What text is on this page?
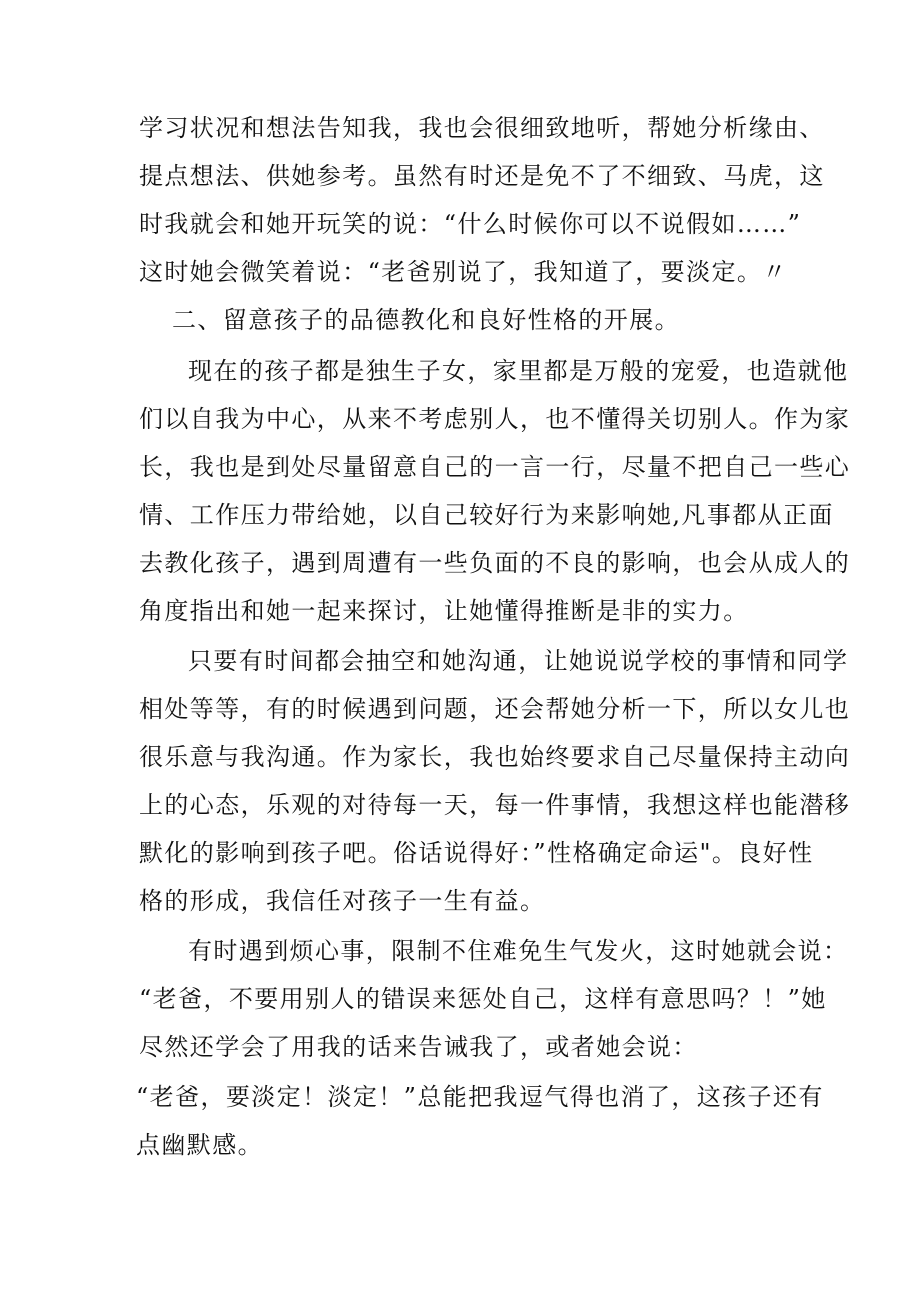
学习状况和想法告知我，我也会很细致地听，帮她分析缘由、
提点想法、供她参考。虽然有时还是免不了不细致、马虎，这
时我就会和她开玩笑的说：“什么时候你可以不说假如……”
这时她会微笑着说：“老爸别说了，我知道了，要淡定。〃
二、留意孩子的品德教化和良好性格的开展。
现在的孩子都是独生子女，家里都是万般的宠爱，也造就他
们以自我为中心，从来不考虑别人，也不懂得关切别人。作为家
长，我也是到处尽量留意自己的一言一行，尽量不把自己一些心
情、工作压力带给她，以自己较好行为来影响她,凡事都从正面
去教化孩子，遇到周遭有一些负面的不良的影响，也会从成人的
角度指出和她一起来探讨，让她懂得推断是非的实力。
只要有时间都会抽空和她沟通，让她说说学校的事情和同学
相处等等，有的时候遇到问题，还会帮她分析一下，所以女儿也
很乐意与我沟通。作为家长，我也始终要求自己尽量保持主动向
上的心态，乐观的对待每一天，每一件事情，我想这样也能潜移
默化的影响到孩子吧。俗话说得好：”性格确定命运"。良好性
格的形成，我信任对孩子一生有益。
有时遇到烦心事，限制不住难免生气发火，这时她就会说：
“老爸，不要用别人的错误来惩处自己，这样有意思吗？！”她
尽然还学会了用我的话来告诫我了，或者她会说：
“老爸，要淡定！淡定！”总能把我逗气得也消了，这孩子还有
点幽默感。
